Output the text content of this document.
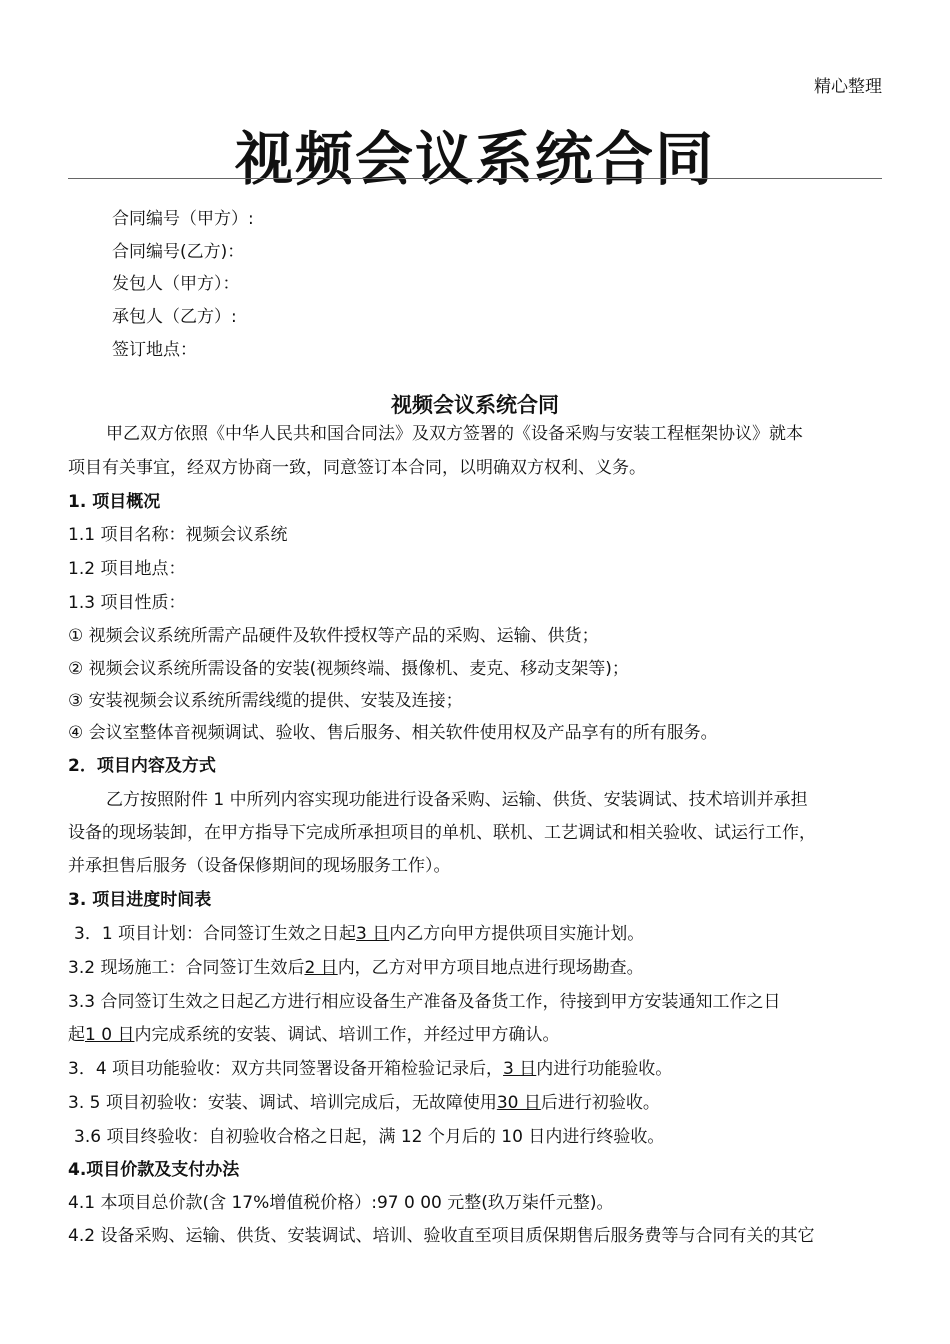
精心整理
视频会议系统合同
合同编号（甲方）:
合同编号(乙方)：
发包人（甲方）：
承包人（乙方）:
签订地点：
视频会议系统合同
甲乙双方依照《中华人民共和国合同法》及双方签署的《设备采购与安装工程框架协议》就本
项目有关事宜，经双方协商一致，同意签订本合同，以明确双方权利、义务。
1. 项目概况
1.1 项目名称：视频会议系统
1.2 项目地点：
1.3 项目性质：
① 视频会议系统所需产品硬件及软件授权等产品的采购、运输、供货；
② 视频会议系统所需设备的安装(视频终端、摄像机、麦克、移动支架等)；
③ 安装视频会议系统所需线缆的提供、安装及连接；
④ 会议室整体音视频调试、验收、售后服务、相关软件使用权及产品享有的所有服务。
2．项目内容及方式
乙方按照附件 1 中所列内容实现功能进行设备采购、运输、供货、安装调试、技术培训并承担
设备的现场装卸，在甲方指导下完成所承担项目的单机、联机、工艺调试和相关验收、试运行工作，
并承担售后服务（设备保修期间的现场服务工作）。
3. 项目进度时间表
3．1 项目计划：合同签订生效之日起3 日内乙方向甲方提供项目实施计划。
3.2 现场施工：合同签订生效后2 日内，乙方对甲方项目地点进行现场勘查。
3.3 合同签订生效之日起乙方进行相应设备生产准备及备货工作，待接到甲方安装通知工作之日
起1 0 日内完成系统的安装、调试、培训工作，并经过甲方确认。
3．4 项目功能验收：双方共同签署设备开箱检验记录后，3 日内进行功能验收。
3. 5 项目初验收：安装、调试、培训完成后，无故障使用30 日后进行初验收。
3.6 项目终验收：自初验收合格之日起，满 12 个月后的 10 日内进行终验收。
4.项目价款及支付办法
4.1 本项目总价款(含 17%增值税价格）:97 0 00 元整(玖万柒仟元整)。
4.2 设备采购、运输、供货、安装调试、培训、验收直至项目质保期售后服务费等与合同有关的其它
